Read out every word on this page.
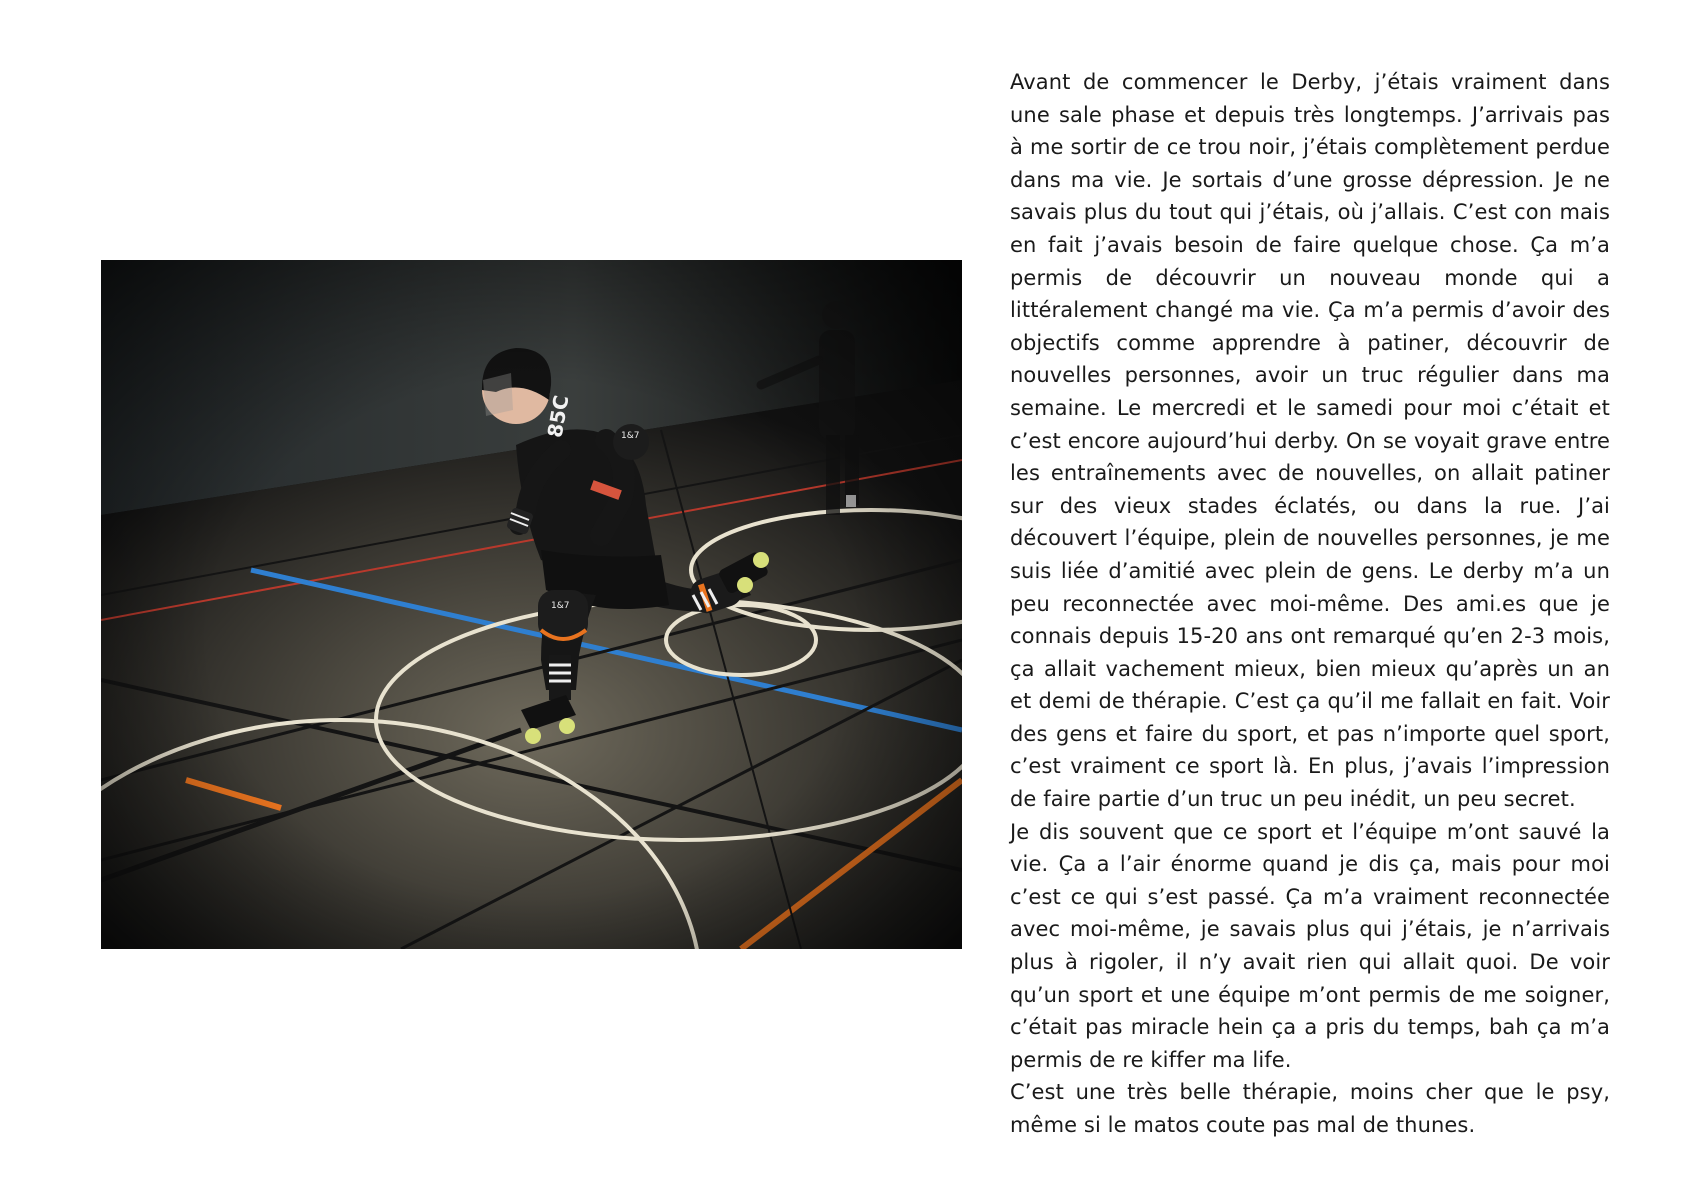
Avant de commencer le Derby, j’étais vraiment dans une sale phase et depuis très longtemps. J’arrivais pas à me sortir de ce trou noir, j’étais complètement perdue dans ma vie. Je sortais d’une grosse dépression. Je ne savais plus du tout qui j’étais, où j’allais. C’est con mais en fait j’avais besoin de faire quelque chose. Ça m’a permis de découvrir un nouveau monde qui a littéralement changé ma vie. Ça m’a permis d’avoir des objectifs comme apprendre à patiner, découvrir de nouvelles personnes, avoir un truc régulier dans ma semaine. Le mercredi et le samedi pour moi c’était et c’est encore aujourd’hui derby. On se voyait grave entre les entraînements avec de nouvelles, on allait patiner sur des vieux stades éclatés, ou dans la rue. J’ai découvert l’équipe, plein de nouvelles personnes, je me suis liée d’amitié avec plein de gens. Le derby m’a un peu reconnectée avec moi-même. Des ami.es que je connais depuis 15-20 ans ont remarqué qu’en 2-3 mois, ça allait vachement mieux, bien mieux qu’après un an et demi de thérapie. C’est ça qu’il me fallait en fait. Voir des gens et faire du sport, et pas n’importe quel sport, c’est vraiment ce sport là. En plus, j’avais l’impression de faire partie d’un truc un peu inédit, un peu secret.

Je dis souvent que ce sport et l’équipe m’ont sauvé la vie. Ça a l’air énorme quand je dis ça, mais pour moi c’est ce qui s’est passé. Ça m’a vraiment reconnectée avec moi-même, je savais plus qui j’étais, je n’arrivais plus à rigoler, il n’y avait rien qui allait quoi. De voir qu’un sport et une équipe m’ont permis de me soigner, c’était pas miracle hein ça a pris du temps, bah ça m’a permis de re kiffer ma life.

C’est une très belle thérapie, moins cher que le psy, même si le matos coute pas mal de thunes.
